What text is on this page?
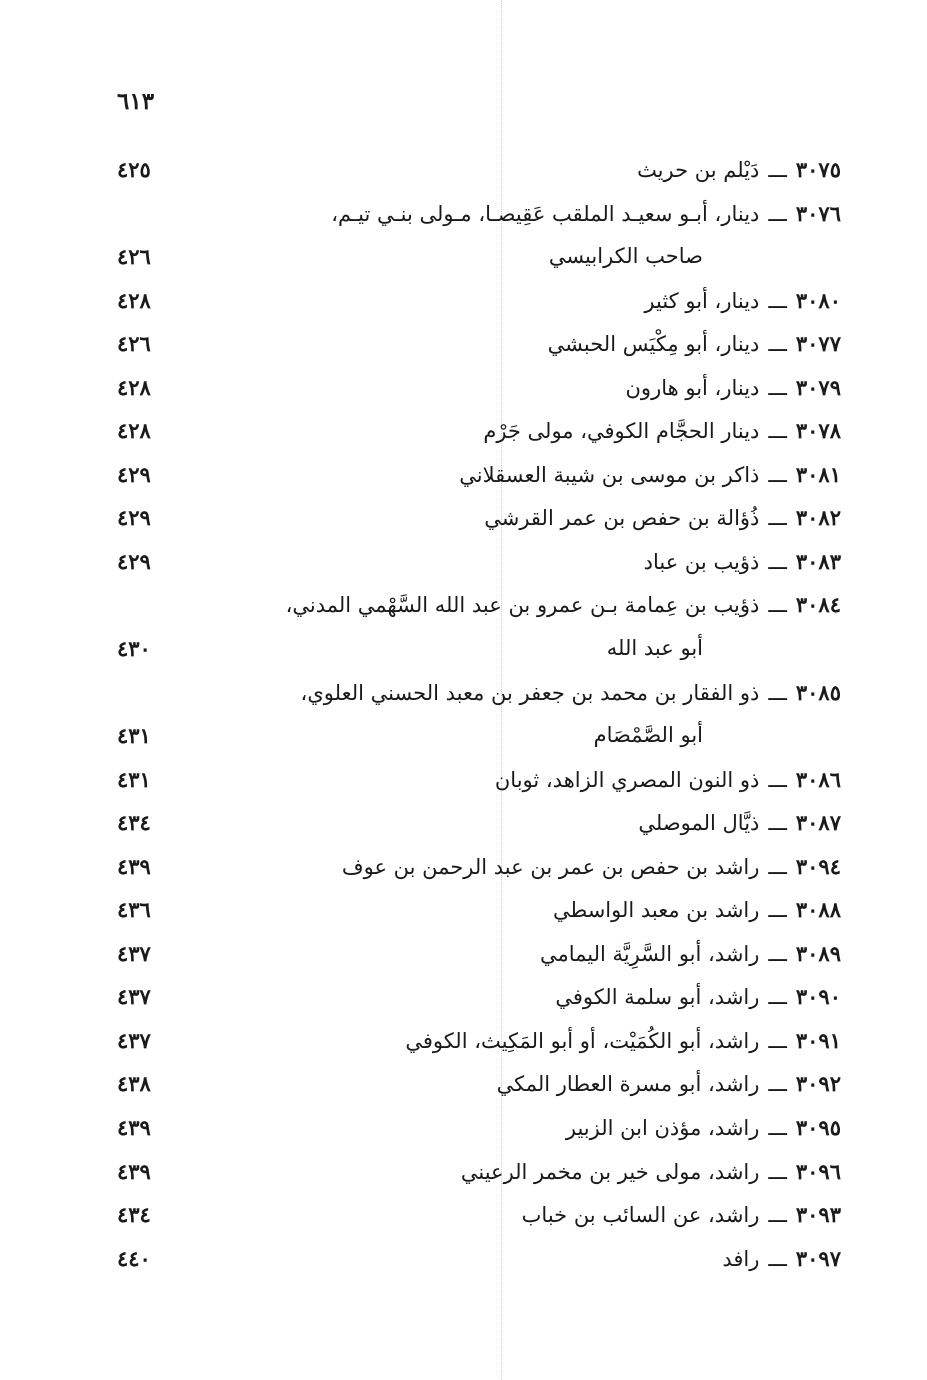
٦١٣
٣٠٧٥ـــدَيْلم بن حريث
٤٢٥
٣٠٧٦ـــدينار، أبـو سعيـد الملقب عَقِيصـا، مـولى بنـي تيـم،
صاحب الكرابيسي
٤٢٦
٣٠٨٠ـــدينار، أبو كثير
٤٢٨
٣٠٧٧ـــدينار، أبو مِكْيَس الحبشي
٤٢٦
٣٠٧٩ـــدينار، أبو هارون
٤٢٨
٣٠٧٨ـــدينار الحجَّام الكوفي، مولى جَرْم
٤٢٨
٣٠٨١ـــذاكر بن موسى بن شيبة العسقلاني
٤٢٩
٣٠٨٢ـــذُؤالة بن حفص بن عمر القرشي
٤٢٩
٣٠٨٣ـــذؤيب بن عباد
٤٢٩
٣٠٨٤ـــذؤيب بن عِمامة بـن عمرو بن عبد الله السَّهْمي المدني،
أبو عبد الله
٤٣٠
٣٠٨٥ـــذو الفقار بن محمد بن جعفر بن معبد الحسني العلوي،
أبو الصَّمْصَام
٤٣١
٣٠٨٦ـــذو النون المصري الزاهد، ثوبان
٤٣١
٣٠٨٧ـــذيَّال الموصلي
٤٣٤
٣٠٩٤ـــراشد بن حفص بن عمر بن عبد الرحمن بن عوف
٤٣٩
٣٠٨٨ـــراشد بن معبد الواسطي
٤٣٦
٣٠٨٩ـــراشد، أبو السَّرِيَّة اليمامي
٤٣٧
٣٠٩٠ـــراشد، أبو سلمة الكوفي
٤٣٧
٣٠٩١ـــراشد، أبو الكُمَيْت، أو أبو المَكِيث، الكوفي
٤٣٧
٣٠٩٢ـــراشد، أبو مسرة العطار المكي
٤٣٨
٣٠٩٥ـــراشد، مؤذن ابن الزبير
٤٣٩
٣٠٩٦ـــراشد، مولى خير بن مخمر الرعيني
٤٣٩
٣٠٩٣ـــراشد، عن السائب بن خباب
٤٣٤
٣٠٩٧ـــرافد
٤٤٠
